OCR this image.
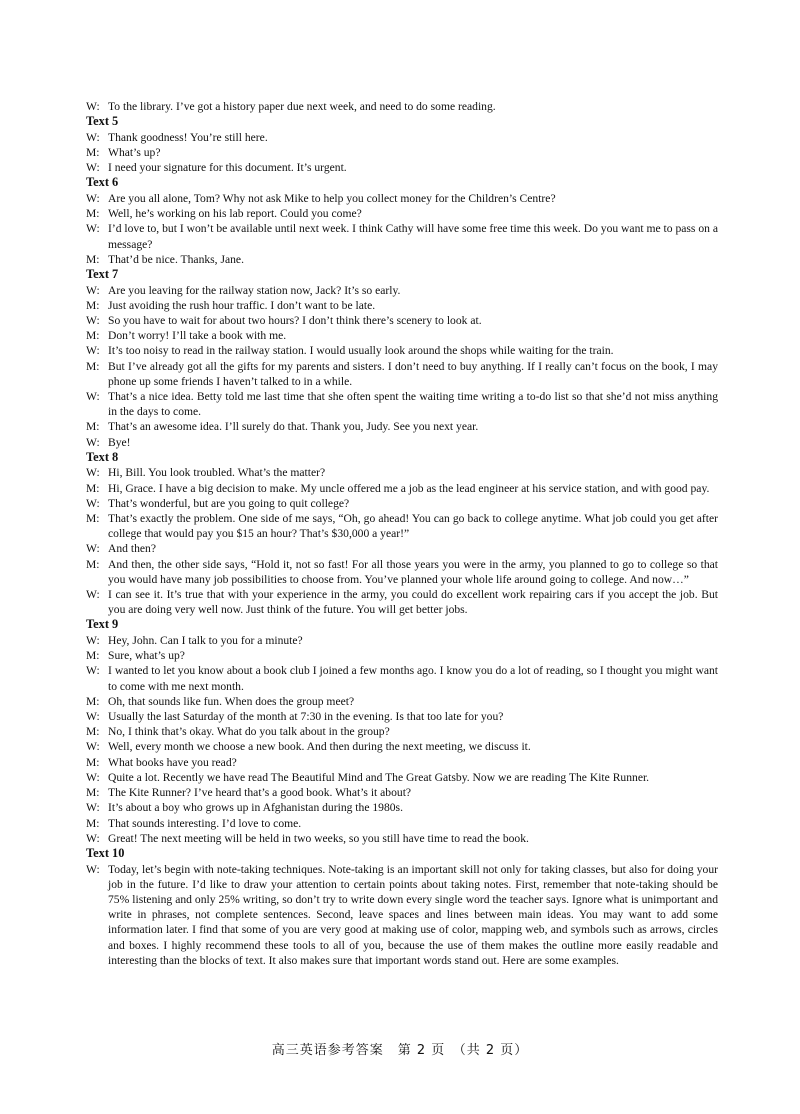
W: To the library. I’ve got a history paper due next week, and need to do some reading.
Text 5
W: Thank goodness! You’re still here.
M: What’s up?
W: I need your signature for this document. It’s urgent.
Text 6
W: Are you all alone, Tom? Why not ask Mike to help you collect money for the Children’s Centre?
M: Well, he’s working on his lab report. Could you come?
W: I’d love to, but I won’t be available until next week. I think Cathy will have some free time this week. Do you want me to pass on a message?
M: That’d be nice. Thanks, Jane.
Text 7
W: Are you leaving for the railway station now, Jack? It’s so early.
M: Just avoiding the rush hour traffic. I don’t want to be late.
W: So you have to wait for about two hours? I don’t think there’s scenery to look at.
M: Don’t worry! I’ll take a book with me.
W: It’s too noisy to read in the railway station. I would usually look around the shops while waiting for the train.
M: But I’ve already got all the gifts for my parents and sisters. I don’t need to buy anything. If I really can’t focus on the book, I may phone up some friends I haven’t talked to in a while.
W: That’s a nice idea. Betty told me last time that she often spent the waiting time writing a to-do list so that she’d not miss anything in the days to come.
M: That’s an awesome idea. I’ll surely do that. Thank you, Judy. See you next year.
W: Bye!
Text 8
W: Hi, Bill. You look troubled. What’s the matter?
M: Hi, Grace. I have a big decision to make. My uncle offered me a job as the lead engineer at his service station, and with good pay.
W: That’s wonderful, but are you going to quit college?
M: That’s exactly the problem. One side of me says, “Oh, go ahead! You can go back to college anytime. What job could you get after college that would pay you $15 an hour? That’s $30,000 a year!”
W: And then?
M: And then, the other side says, “Hold it, not so fast! For all those years you were in the army, you planned to go to college so that you would have many job possibilities to choose from. You’ve planned your whole life around going to college. And now…”
W: I can see it. It’s true that with your experience in the army, you could do excellent work repairing cars if you accept the job. But you are doing very well now. Just think of the future. You will get better jobs.
Text 9
W: Hey, John. Can I talk to you for a minute?
M: Sure, what’s up?
W: I wanted to let you know about a book club I joined a few months ago. I know you do a lot of reading, so I thought you might want to come with me next month.
M: Oh, that sounds like fun. When does the group meet?
W: Usually the last Saturday of the month at 7:30 in the evening. Is that too late for you?
M: No, I think that’s okay. What do you talk about in the group?
W: Well, every month we choose a new book. And then during the next meeting, we discuss it.
M: What books have you read?
W: Quite a lot. Recently we have read The Beautiful Mind and The Great Gatsby. Now we are reading The Kite Runner.
M: The Kite Runner? I’ve heard that’s a good book. What’s it about?
W: It’s about a boy who grows up in Afghanistan during the 1980s.
M: That sounds interesting. I’d love to come.
W: Great! The next meeting will be held in two weeks, so you still have time to read the book.
Text 10
W: Today, let’s begin with note-taking techniques. Note-taking is an important skill not only for taking classes, but also for doing your job in the future. I’d like to draw your attention to certain points about taking notes. First, remember that note-taking should be 75% listening and only 25% writing, so don’t try to write down every single word the teacher says. Ignore what is unimportant and write in phrases, not complete sentences. Second, leave spaces and lines between main ideas. You may want to add some information later. I find that some of you are very good at making use of color, mapping web, and symbols such as arrows, circles and boxes. I highly recommend these tools to all of you, because the use of them makes the outline more easily readable and interesting than the blocks of text. It also makes sure that important words stand out. Here are some examples.
高三英语参考答案　第 2 页　（共 2 页）
